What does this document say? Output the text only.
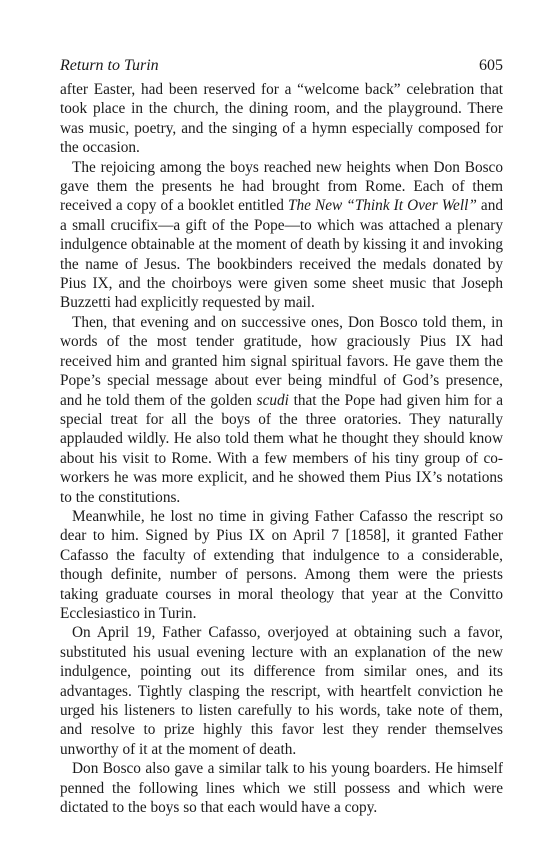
Return to Turin	605

after Easter, had been reserved for a “welcome back” celebration that took place in the church, the dining room, and the playground. There was music, poetry, and the singing of a hymn especially composed for the occasion.

The rejoicing among the boys reached new heights when Don Bosco gave them the presents he had brought from Rome. Each of them received a copy of a booklet entitled The New “Think It Over Well” and a small crucifix—a gift of the Pope—to which was attached a plenary indulgence obtainable at the moment of death by kissing it and invoking the name of Jesus. The bookbinders received the medals donated by Pius IX, and the choirboys were given some sheet music that Joseph Buzzetti had explicitly requested by mail.

Then, that evening and on successive ones, Don Bosco told them, in words of the most tender gratitude, how graciously Pius IX had received him and granted him signal spiritual favors. He gave them the Pope’s special message about ever being mindful of God’s presence, and he told them of the golden scudi that the Pope had given him for a special treat for all the boys of the three oratories. They naturally applauded wildly. He also told them what he thought they should know about his visit to Rome. With a few members of his tiny group of co-workers he was more explicit, and he showed them Pius IX’s notations to the constitutions.

Meanwhile, he lost no time in giving Father Cafasso the rescript so dear to him. Signed by Pius IX on April 7 [1858], it granted Father Cafasso the faculty of extending that indulgence to a considerable, though definite, number of persons. Among them were the priests taking graduate courses in moral theology that year at the Convitto Ecclesiastico in Turin.

On April 19, Father Cafasso, overjoyed at obtaining such a favor, substituted his usual evening lecture with an explanation of the new indulgence, pointing out its difference from similar ones, and its advantages. Tightly clasping the rescript, with heartfelt conviction he urged his listeners to listen carefully to his words, take note of them, and resolve to prize highly this favor lest they render themselves unworthy of it at the moment of death.

Don Bosco also gave a similar talk to his young boarders. He himself penned the following lines which we still possess and which were dictated to the boys so that each would have a copy.
